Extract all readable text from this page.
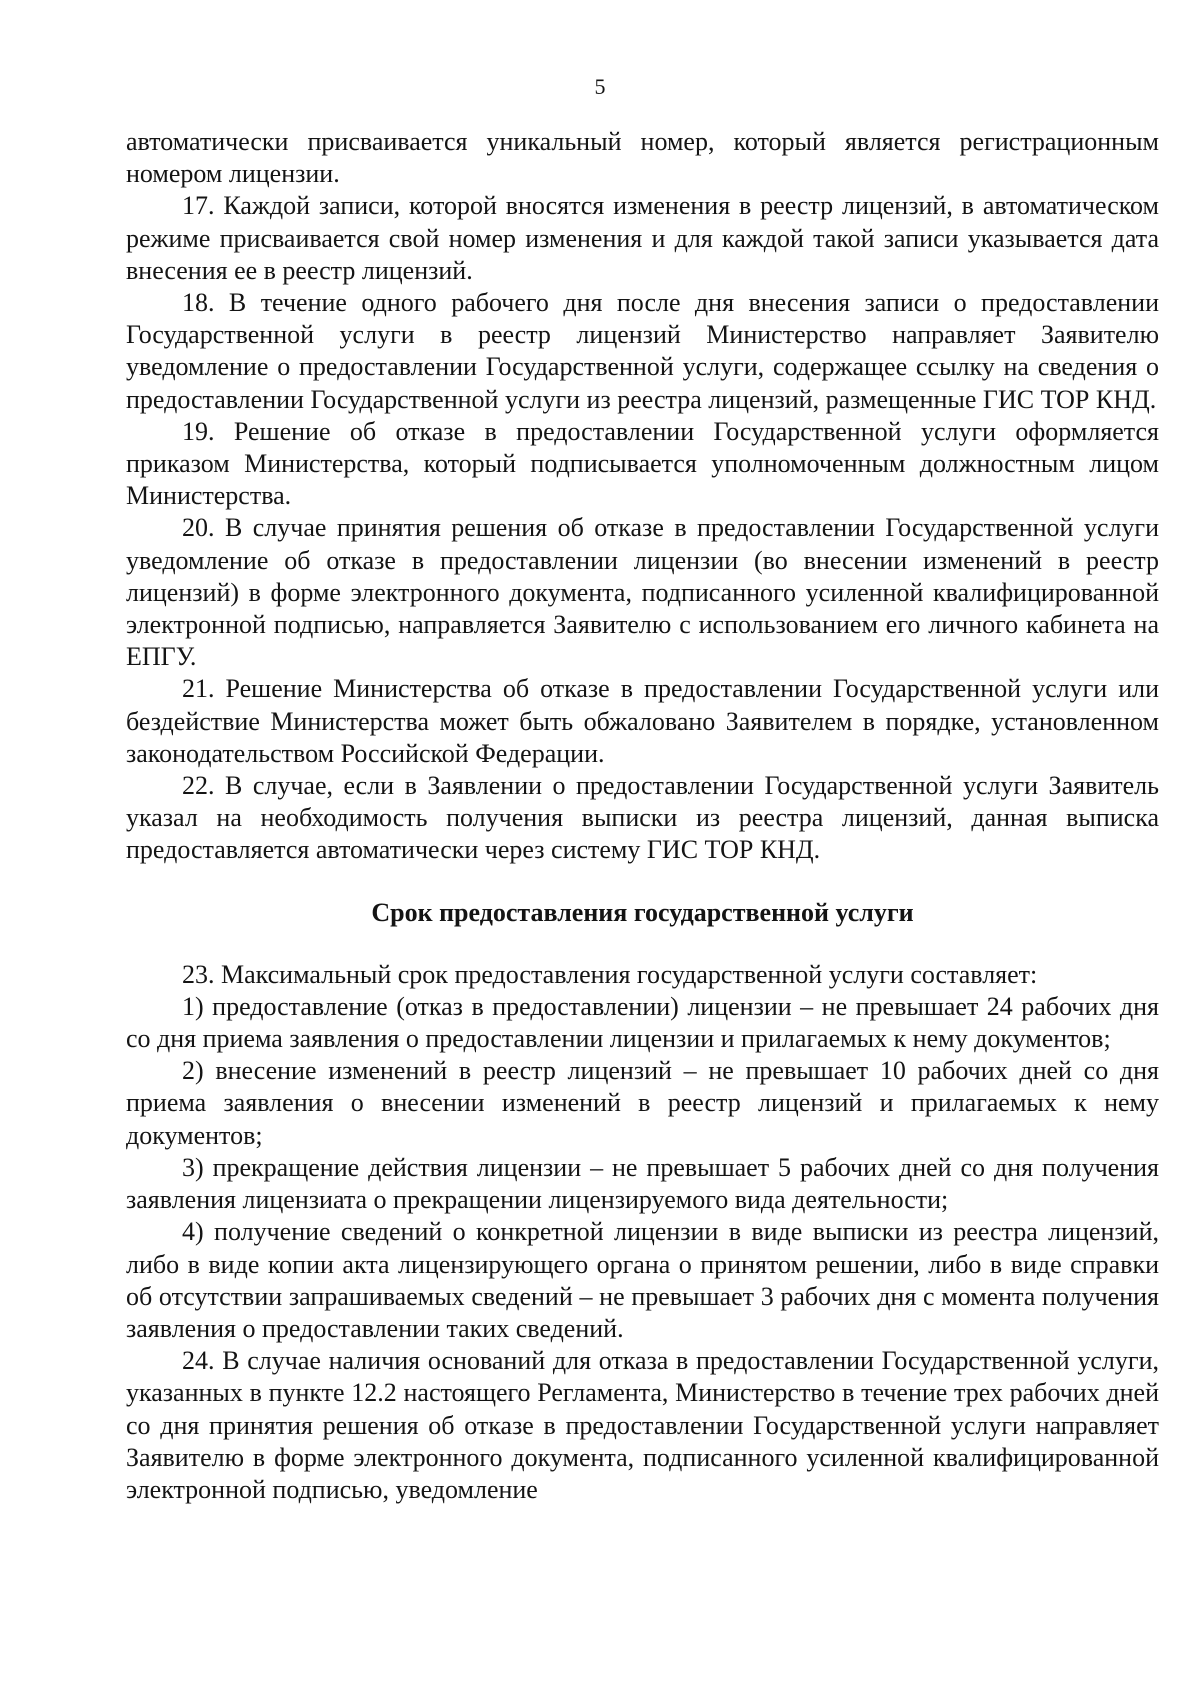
5

автоматически присваивается уникальный номер, который является регистрационным номером лицензии.

17. Каждой записи, которой вносятся изменения в реестр лицензий, в автоматическом режиме присваивается свой номер изменения и для каждой такой записи указывается дата внесения ее в реестр лицензий.

18. В течение одного рабочего дня после дня внесения записи о предоставлении Государственной услуги в реестр лицензий Министерство направляет Заявителю уведомление о предоставлении Государственной услуги, содержащее ссылку на сведения о предоставлении Государственной услуги из реестра лицензий, размещенные ГИС ТОР КНД.

19. Решение об отказе в предоставлении Государственной услуги оформляется приказом Министерства, который подписывается уполномоченным должностным лицом Министерства.

20. В случае принятия решения об отказе в предоставлении Государственной услуги уведомление об отказе в предоставлении лицензии (во внесении изменений в реестр лицензий) в форме электронного документа, подписанного усиленной квалифицированной электронной подписью, направляется Заявителю с использованием его личного кабинета на ЕПГУ.

21. Решение Министерства об отказе в предоставлении Государственной услуги или бездействие Министерства может быть обжаловано Заявителем в порядке, установленном законодательством Российской Федерации.

22. В случае, если в Заявлении о предоставлении Государственной услуги Заявитель указал на необходимость получения выписки из реестра лицензий, данная выписка предоставляется автоматически через систему ГИС ТОР КНД.

Срок предоставления государственной услуги

23. Максимальный срок предоставления государственной услуги составляет:

1) предоставление (отказ в предоставлении) лицензии – не превышает 24 рабочих дня со дня приема заявления о предоставлении лицензии и прилагаемых к нему документов;

2) внесение изменений в реестр лицензий – не превышает 10 рабочих дней со дня приема заявления о внесении изменений в реестр лицензий и прилагаемых к нему документов;

3) прекращение действия лицензии – не превышает 5 рабочих дней со дня получения заявления лицензиата о прекращении лицензируемого вида деятельности;

4) получение сведений о конкретной лицензии в виде выписки из реестра лицензий, либо в виде копии акта лицензирующего органа о принятом решении, либо в виде справки об отсутствии запрашиваемых сведений – не превышает 3 рабочих дня с момента получения заявления о предоставлении таких сведений.

24. В случае наличия оснований для отказа в предоставлении Государственной услуги, указанных в пункте 12.2 настоящего Регламента, Министерство в течение трех рабочих дней со дня принятия решения об отказе в предоставлении Государственной услуги направляет Заявителю в форме электронного документа, подписанного усиленной квалифицированной электронной подписью, уведомление
